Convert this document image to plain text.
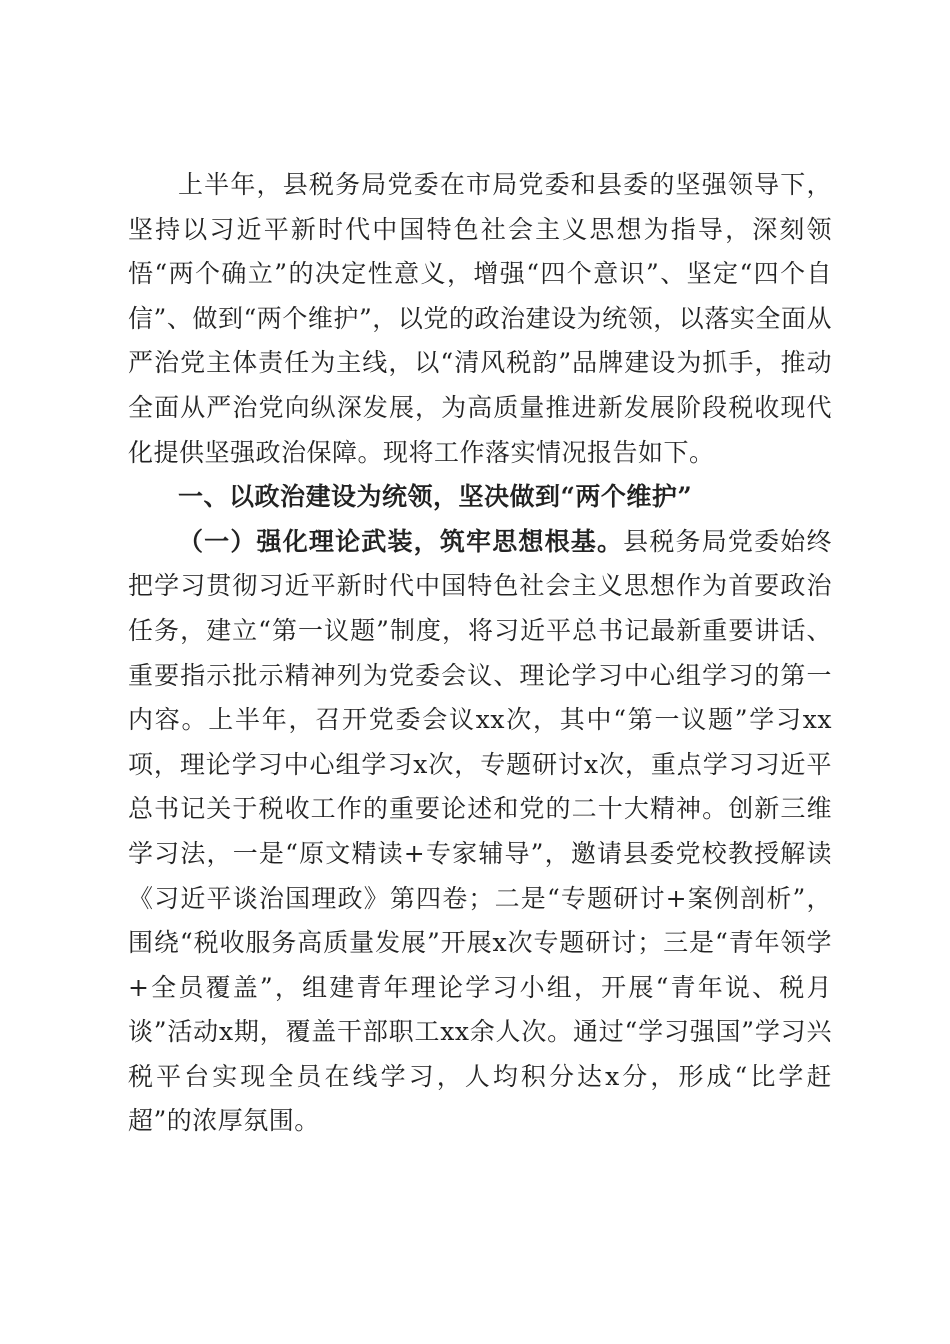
上半年，县税务局党委在市局党委和县委的坚强领导下，坚持以习近平新时代中国特色社会主义思想为指导，深刻领悟“两个确立”的决定性意义，增强“四个意识”、坚定“四个自信”、做到“两个维护”，以党的政治建设为统领，以落实全面从严治党主体责任为主线，以“清风税韵”品牌建设为抓手，推动全面从严治党向纵深发展，为高质量推进新发展阶段税收现代化提供坚强政治保障。现将工作落实情况报告如下。

一、以政治建设为统领，坚决做到“两个维护”

（一）强化理论武装，筑牢思想根基。县税务局党委始终把学习贯彻习近平新时代中国特色社会主义思想作为首要政治任务，建立“第一议题”制度，将习近平总书记最新重要讲话、重要指示批示精神列为党委会议、理论学习中心组学习的第一内容。上半年，召开党委会议xx次，其中“第一议题”学习xx项，理论学习中心组学习x次，专题研讨x次，重点学习习近平总书记关于税收工作的重要论述和党的二十大精神。创新三维学习法，一是“原文精读+专家辅导”，邀请县委党校教授解读《习近平谈治国理政》第四卷；二是“专题研讨+案例剖析”，围绕“税收服务高质量发展”开展x次专题研讨；三是“青年领学+全员覆盖”，组建青年理论学习小组，开展“青年说、税月谈”活动x期，覆盖干部职工xx余人次。通过“学习强国”学习兴税平台实现全员在线学习，人均积分达x分，形成“比学赶超”的浓厚氛围。
